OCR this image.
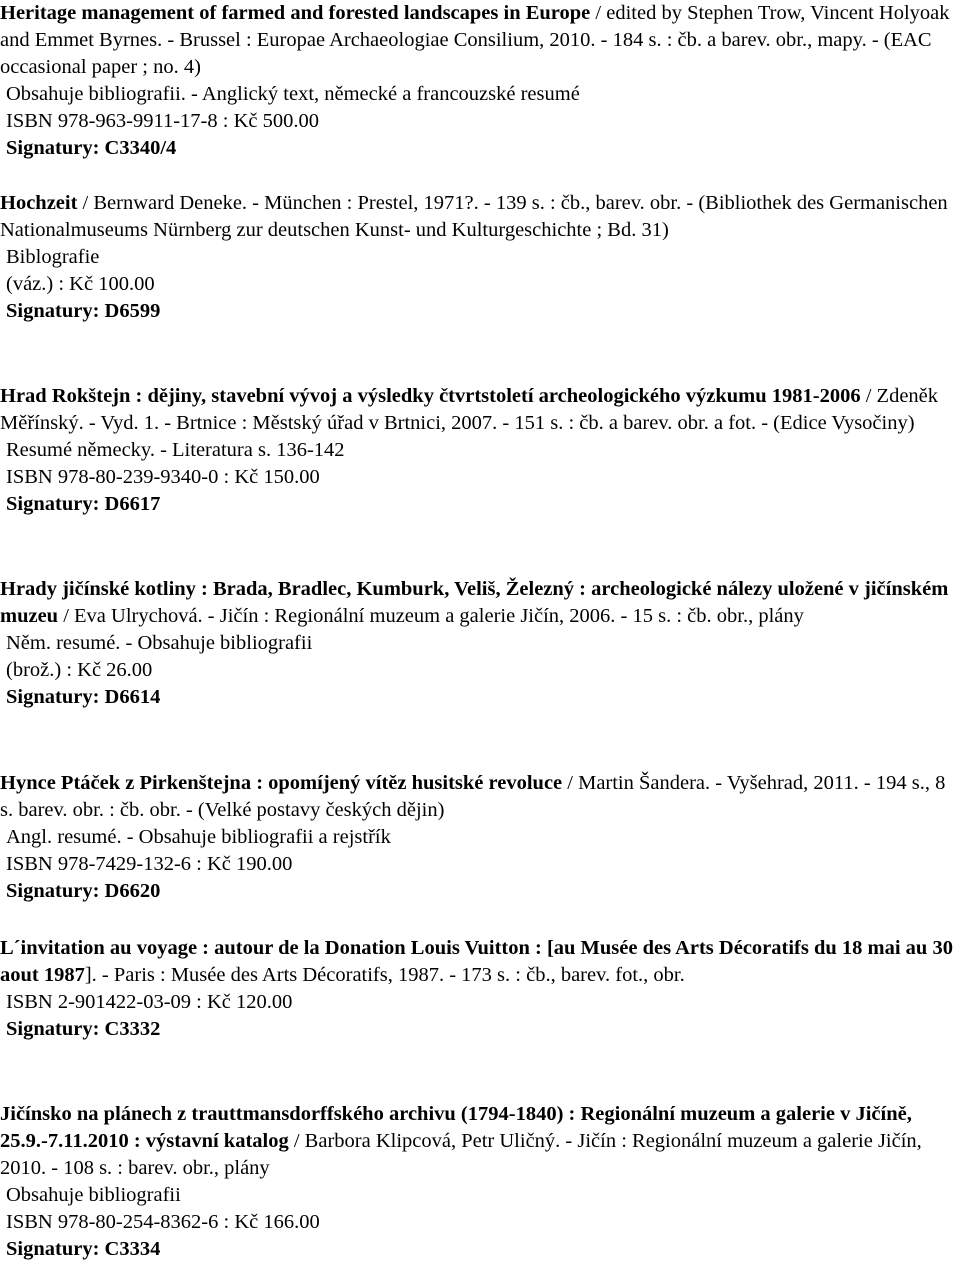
Heritage management of farmed and forested landscapes in Europe / edited by Stephen Trow, Vincent Holyoak and Emmet Byrnes. - Brussel : Europae Archaeologiae Consilium, 2010. - 184 s. : čb. a barev. obr., mapy. - (EAC occasional paper ; no. 4)

Obsahuje bibliografii. - Anglický text, německé a francouzské resumé

ISBN 978-963-9911-17-8 : Kč 500.00

Signatury: C3340/4

Hochzeit / Bernward Deneke. - München : Prestel, 1971?. - 139 s. : čb., barev. obr. - (Bibliothek des Germanischen Nationalmuseums Nürnberg zur deutschen Kunst- und Kulturgeschichte ; Bd. 31)

Biblografie

(váz.) : Kč 100.00

Signatury: D6599

Hrad Rokštejn : dějiny, stavební vývoj a výsledky čtvrtstoletí archeologického výzkumu 1981-2006 / Zdeněk Měřínský. - Vyd. 1. - Brtnice : Městský úřad v Brtnici, 2007. - 151 s. : čb. a barev. obr. a fot. - (Edice Vysočiny)

Resumé německy. - Literatura s. 136-142

ISBN 978-80-239-9340-0 : Kč 150.00

Signatury: D6617

Hrady jičínské kotliny : Brada, Bradlec, Kumburk, Veliš, Železný : archeologické nálezy uložené v jičínském muzeu / Eva Ulrychová. - Jičín : Regionální muzeum a galerie Jičín, 2006. - 15 s. : čb. obr., plány

Něm. resumé. - Obsahuje bibliografii

(brož.) : Kč 26.00

Signatury: D6614

Hynce Ptáček z Pirkenštejna : opomíjený vítěz husitské revoluce / Martin Šandera. - Vyšehrad, 2011. - 194 s., 8 s. barev. obr. : čb. obr. - (Velké postavy českých dějin)

Angl. resumé. - Obsahuje bibliografii a rejstřík

ISBN 978-7429-132-6 : Kč 190.00

Signatury: D6620

L´invitation au voyage : autour de la Donation Louis Vuitton : [au Musée des Arts Décoratifs du 18 mai au 30 aout 1987]. - Paris : Musée des Arts Décoratifs, 1987. - 173 s. : čb., barev. fot., obr.

ISBN 2-901422-03-09 : Kč 120.00

Signatury: C3332

Jičínsko na plánech z trauttmansdorffského archivu (1794-1840) : Regionální muzeum a galerie v Jičíně, 25.9.-7.11.2010 : výstavní katalog / Barbora Klipcová, Petr Uličný. - Jičín : Regionální muzeum a galerie Jičín, 2010. - 108 s. : barev. obr., plány

Obsahuje bibliografii

ISBN 978-80-254-8362-6 : Kč 166.00

Signatury: C3334
